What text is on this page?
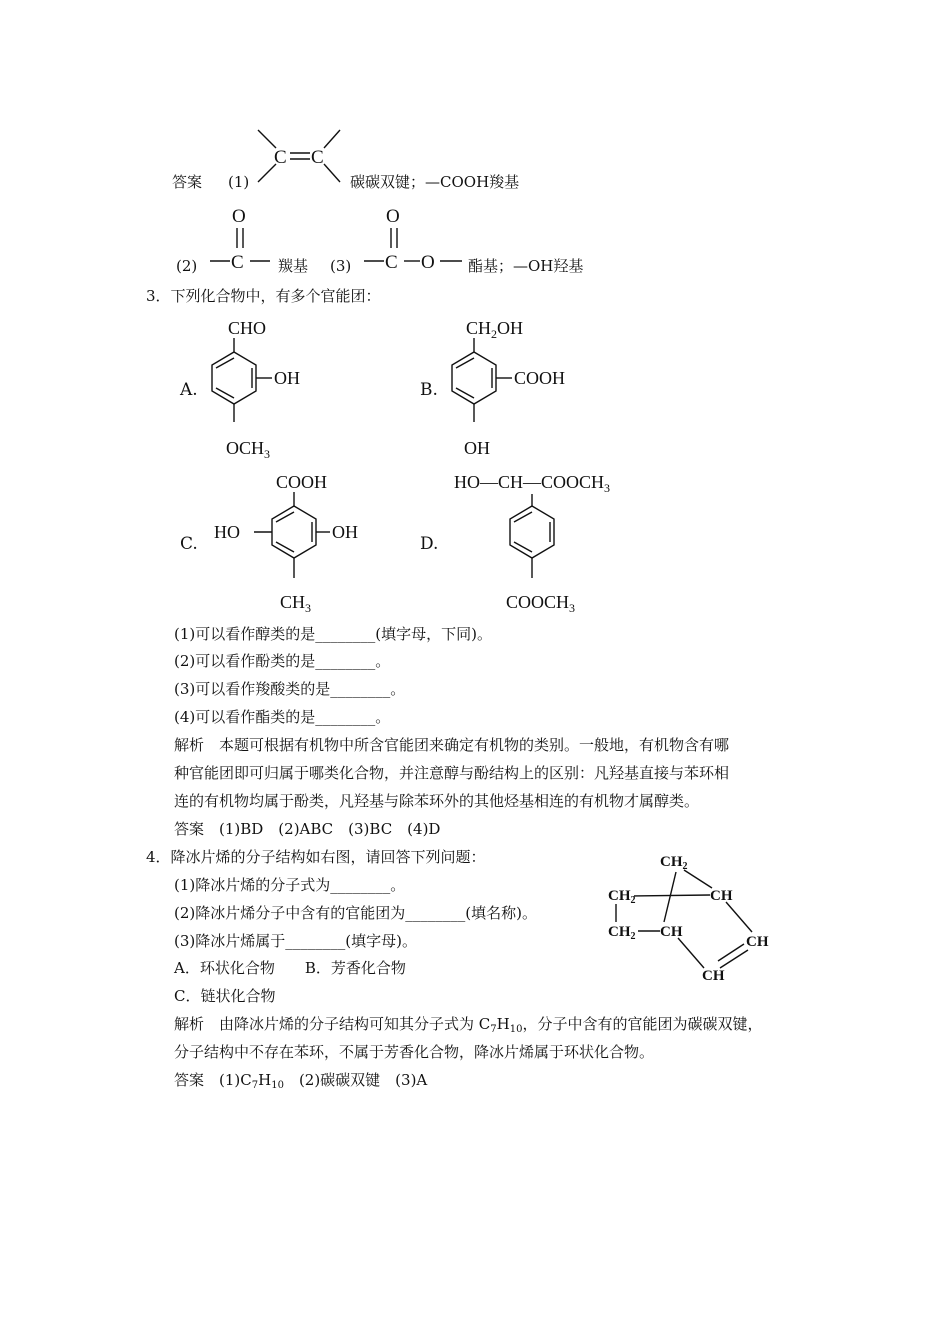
答案 (1)
C C
碳碳双键；—COOH羧基
(2)
O
C 羰基 (3)
O
C O 酯基；—OH羟基
3．下列化合物中，有多个官能团：
A.
CHO
OH
$OCH_3$
B.
$CH_2OH$
COOH
OH
C.
COOH
HO	OH
$CH_3$
D.
$HO—CH—COOCH_3$
$COOCH_3$
(1)可以看作醇类的是________(填字母，下同)。
(2)可以看作酚类的是________。
(3)可以看作羧酸类的是________。
(4)可以看作酯类的是________。
解析　本题可根据有机物中所含官能团来确定有机物的类别。一般地，有机物含有哪
种官能团即可归属于哪类化合物，并注意醇与酚结构上的区别：凡羟基直接与苯环相
连的有机物均属于酚类，凡羟基与除苯环外的其他烃基相连的有机物才属醇类。
答案　(1)BD　(2)ABC　(3)BC　(4)D
4．降冰片烯的分子结构如右图，请回答下列问题：
(1)降冰片烯的分子式为________。
(2)降冰片烯分子中含有的官能团为________(填名称)。
(3)降冰片烯属于________(填字母)。
A．环状化合物　　B．芳香化合物
C．链状化合物
$CH_2$
$CH_2$
$CH_2$
CH
CH
CH
CH
解析　由降冰片烯的分子结构可知其分子式为 $C_7H_{10}$，分子中含有的官能团为碳碳双键，
分子结构中不存在苯环，不属于芳香化合物，降冰片烯属于环状化合物。
答案　$(1)C_7H_{10}$　(2)碳碳双键　(3)A
